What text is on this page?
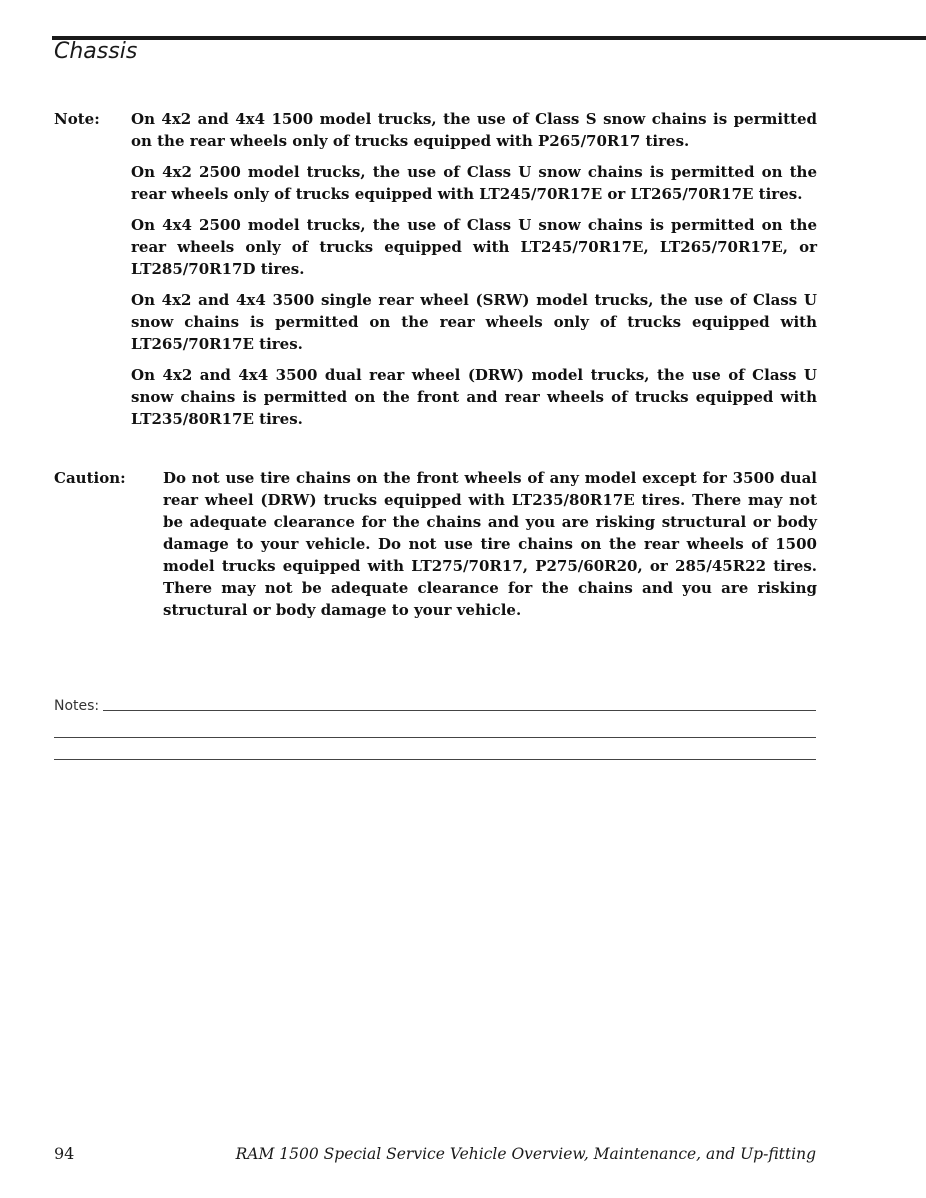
Chassis
Note: On 4x2 and 4x4 1500 model trucks, the use of Class S snow chains is permitted on the rear wheels only of trucks equipped with P265/70R17 tires.

On 4x2 2500 model trucks, the use of Class U snow chains is permitted on the rear wheels only of trucks equipped with LT245/70R17E or LT265/70R17E tires.

On 4x4 2500 model trucks, the use of Class U snow chains is permitted on the rear wheels only of trucks equipped with LT245/70R17E, LT265/70R17E, or LT285/70R17D tires.

On 4x2 and 4x4 3500 single rear wheel (SRW) model trucks, the use of Class U snow chains is permitted on the rear wheels only of trucks equipped with LT265/70R17E tires.

On 4x2 and 4x4 3500 dual rear wheel (DRW) model trucks, the use of Class U snow chains is permitted on the front and rear wheels of trucks equipped with LT235/80R17E tires.

Caution: Do not use tire chains on the front wheels of any model except for 3500 dual rear wheel (DRW) trucks equipped with LT235/80R17E tires. There may not be adequate clearance for the chains and you are risking structural or body damage to your vehicle. Do not use tire chains on the rear wheels of 1500 model trucks equipped with LT275/70R17, P275/60R20, or 285/45R22 tires. There may not be adequate clearance for the chains and you are risking structural or body damage to your vehicle.

Notes:
94	RAM 1500 Special Service Vehicle Overview, Maintenance, and Up-fitting
